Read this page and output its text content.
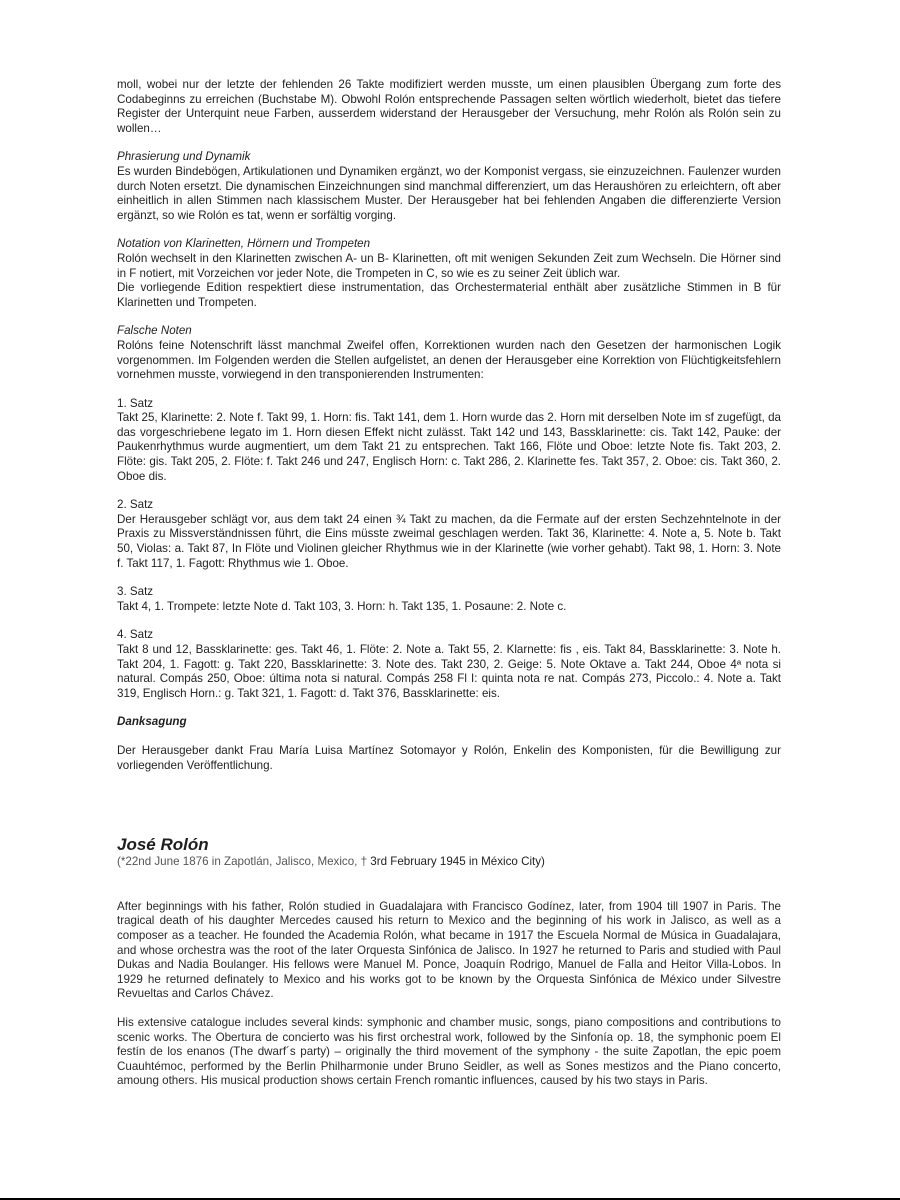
moll, wobei nur der letzte der fehlenden 26 Takte modifiziert werden musste, um einen plausiblen Übergang zum forte des Codabeginns zu erreichen (Buchstabe M). Obwohl Rolón entsprechende Passagen selten wörtlich wiederholt, bietet das tiefere Register der Unterquint neue Farben, ausserdem widerstand der Herausgeber der Versuchung, mehr Rolón als Rolón sein zu wollen…

Phrasierung und Dynamik

Es wurden Bindebögen, Artikulationen und Dynamiken ergänzt, wo der Komponist vergass, sie einzuzeichnen. Faulenzer wurden durch Noten ersetzt. Die dynamischen Einzeichnungen sind manchmal differenziert, um das Heraushören zu erleichtern, oft aber einheitlich in allen Stimmen nach klassischem Muster. Der Herausgeber hat bei fehlenden Angaben die differenzierte Version ergänzt, so wie Rolón es tat, wenn er sorfältig vorging.

Notation von Klarinetten, Hörnern und Trompeten

Rolón wechselt in den Klarinetten zwischen A- un B- Klarinetten, oft mit wenigen Sekunden Zeit zum Wechseln. Die Hörner sind in F notiert, mit Vorzeichen vor jeder Note, die Trompeten in C, so wie es zu seiner Zeit üblich war.

Die vorliegende Edition respektiert diese instrumentation, das Orchestermaterial enthält aber zusätzliche Stimmen in B für Klarinetten und Trompeten.

Falsche Noten

Rolóns feine Notenschrift lässt manchmal Zweifel offen, Korrektionen wurden nach den Gesetzen der harmonischen Logik vorgenommen. Im Folgenden werden die Stellen aufgelistet, an denen der Herausgeber eine Korrektion von Flüchtigkeitsfehlern vornehmen musste, vorwiegend in den transponierenden Instrumenten:

1. Satz

Takt 25, Klarinette: 2. Note f. Takt 99, 1. Horn: fis. Takt 141, dem 1. Horn wurde das 2. Horn mit derselben Note im sf zugefügt, da das vorgeschriebene legato im 1. Horn diesen Effekt nicht zulässt. Takt 142 und 143, Bassklarinette: cis. Takt 142, Pauke: der Paukenrhythmus wurde augmentiert, um dem Takt 21 zu entsprechen. Takt 166, Flöte und Oboe: letzte Note fis. Takt 203, 2. Flöte: gis. Takt 205, 2. Flöte: f. Takt 246 und 247, Englisch Horn: c. Takt 286, 2. Klarinette fes. Takt 357, 2. Oboe: cis. Takt 360, 2. Oboe dis.

2. Satz

Der Herausgeber schlägt vor, aus dem takt 24 einen ¾ Takt zu machen, da die Fermate auf der ersten Sechzehntelnote in der Praxis zu Missverständnissen führt, die Eins müsste zweimal geschlagen werden. Takt 36, Klarinette: 4. Note a, 5. Note b. Takt 50, Violas: a. Takt 87, In Flöte und Violinen gleicher Rhythmus wie in der Klarinette (wie vorher gehabt). Takt 98, 1. Horn: 3. Note f. Takt 117, 1. Fagott: Rhythmus wie 1. Oboe.

3. Satz

Takt 4, 1. Trompete: letzte Note d. Takt 103, 3. Horn: h. Takt 135, 1. Posaune: 2. Note c.

4. Satz

Takt 8 und 12, Bassklarinette: ges. Takt 46, 1. Flöte: 2. Note a. Takt 55, 2. Klarnette: fis , eis. Takt 84, Bassklarinette: 3. Note h. Takt 204, 1. Fagott: g. Takt 220, Bassklarinette: 3. Note des. Takt 230, 2. Geige: 5. Note Oktave a. Takt 244, Oboe 4ª nota si natural. Compás 250, Oboe: última nota si natural. Compás 258 Fl I: quinta nota re nat. Compás 273, Piccolo.: 4. Note a. Takt 319, Englisch Horn.: g. Takt 321, 1. Fagott: d. Takt 376, Bassklarinette: eis.

Danksagung

Der Herausgeber dankt Frau María Luisa Martínez Sotomayor y Rolón, Enkelin des Komponisten, für die Bewilligung zur vorliegenden Veröffentlichung.

José Rolón

(*22nd June 1876 in Zapotlán, Jalisco, Mexico, † 3rd February 1945 in México City)

After beginnings with his father, Rolón studied in Guadalajara with Francisco Godínez, later, from 1904 till 1907 in Paris. The tragical death of his daughter Mercedes caused his return to Mexico and the beginning of his work in Jalisco, as well as a composer as a teacher. He founded the Academia Rolón, what became in 1917 the Escuela Normal de Música in Guadalajara, and whose orchestra was the root of the later Orquesta Sinfónica de Jalisco. In 1927 he returned to Paris and studied with Paul Dukas and Nadia Boulanger. His fellows were Manuel M. Ponce, Joaquín Rodrigo, Manuel de Falla and Heitor Villa-Lobos. In 1929 he returned definately to Mexico and his works got to be known by the Orquesta Sinfónica de México under Silvestre Revueltas and Carlos Chávez.

His extensive catalogue includes several kinds: symphonic and chamber music, songs, piano compositions and contributions to scenic works. The Obertura de concierto was his first orchestral work, followed by the Sinfonía op. 18, the symphonic poem El festín de los enanos (The dwarf´s party) – originally the third movement of the symphony - the suite Zapotlan, the epic poem Cuauhtémoc, performed by the Berlin Philharmonie under Bruno Seidler, as well as Sones mestizos and the Piano concerto, amoung others. His musical production shows certain French romantic influences, caused by his two stays in Paris.
